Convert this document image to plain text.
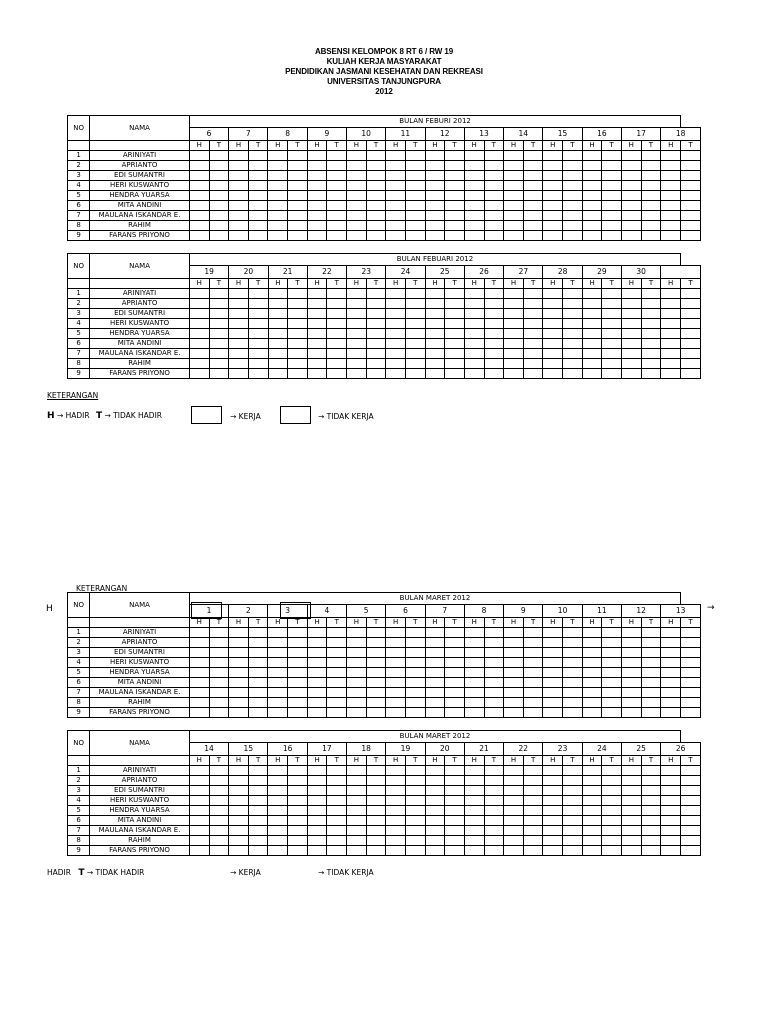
ABSENSI KELOMPOK 8 RT 6 / RW 19
KULIAH KERJA MASYARAKAT
PENDIDIKAN JASMANI KESEHATAN DAN REKREASI
UNIVERSITAS TANJUNGPURA
2012
NO	NAMA	BULAN FEBURI 2012																									
		6		7		8		9		10		11		12		13		14		15		16		17		18	
		H	T	H	T	H	T	H	T	H	T	H	T	H	T	H	T	H	T	H	T	H	T	H	T	H	T
1	ARINIYATI																										
2	APRIANTO																										
3	EDI SUMANTRI																										
4	HERI KUSWANTO																										
5	HENDRA YUARSA																										
6	MITA ANDINI																										
7	MAULANA ISKANDAR E.																										
8	RAHIM																										
9	FARANS PRIYONO																										
NO	NAMA	BULAN FEBUARI 2012																									
		19		20		21		22		23		24		25		26		27		28		29		30			
		H	T	H	T	H	T	H	T	H	T	H	T	H	T	H	T	H	T	H	T	H	T	H	T	H	T
1	ARINIYATI																										
2	APRIANTO																										
3	EDI SUMANTRI																										
4	HERI KUSWANTO																										
5	HENDRA YUARSA																										
6	MITA ANDINI																										
7	MAULANA ISKANDAR E.																										
8	RAHIM																										
9	FARANS PRIYONO																										
KETERANGAN
H → HADIR T → TIDAK HADIR	→ KERJA	→ TIDAK KERJA
KETERANGAN
H	→
NO	NAMA	BULAN MARET 2012																									
		1		2		3		4		5		6		7		8		9		10		11		12		13	
		H	T	H	T	H	T	H	T	H	T	H	T	H	T	H	T	H	T	H	T	H	T	H	T	H	T
1	ARINIYATI																										
2	APRIANTO																										
3	EDI SUMANTRI																										
4	HERI KUSWANTO																										
5	HENDRA YUARSA																										
6	MITA ANDINI																										
7	MAULANA ISKANDAR E.																										
8	RAHIM																										
9	FARANS PRIYONO																										
NO	NAMA	BULAN MARET 2012																									
		14		15		16		17		18		19		20		21		22		23		24		25		26	
		H	T	H	T	H	T	H	T	H	T	H	T	H	T	H	T	H	T	H	T	H	T	H	T	H	T
1	ARINIYATI																										
2	APRIANTO																										
3	EDI SUMANTRI																										
4	HERI KUSWANTO																										
5	HENDRA YUARSA																										
6	MITA ANDINI																										
7	MAULANA ISKANDAR E.																										
8	RAHIM																										
9	FARANS PRIYONO																										
HADIR T → TIDAK HADIR	→ KERJA	→ TIDAK KERJA
